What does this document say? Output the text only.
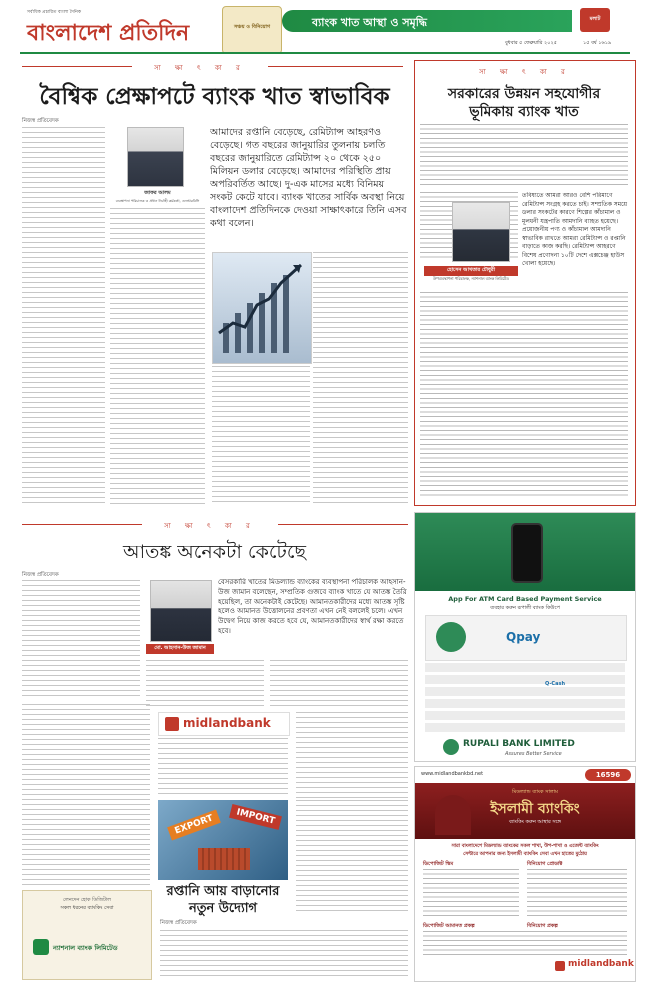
সর্বাধিক প্রচারিত বাংলা দৈনিক
বাংলাদেশ প্রতিদিন	সঞ্চয় ও বিনিয়োগ	ব্যাংক খাত আস্থা ও সমৃদ্ধি	মলাট
বুধবার ৫ ফেব্রুয়ারি ২০২৫	১৫ বর্ষ ১৬১৯
সা ক্ষা ৎ কা র
বৈশ্বিক প্রেক্ষাপটে ব্যাংক খাত স্বাভাবিক
নিজস্ব প্রতিবেদক
জাফর আলম
ব্যবস্থাপনা পরিচালক ও প্রধান নির্বাহী কর্মকর্তা, এনআরবিসি
আমাদের রপ্তানি বেড়েছে, রেমিট্যান্স আহরণও বেড়েছে। গত বছরের জানুয়ারির তুলনায় চলতি বছরের জানুয়ারিতে রেমিট্যান্স ২০ থেকে ২৫০ মিলিয়ন ডলার বেড়েছে। আমাদের পরিস্থিতি প্রায় অপরিবর্তিত আছে। দু-এক মাসের মধ্যে বিনিময় সংকট কেটে যাবে। ব্যাংক খাতের সার্বিক অবস্থা নিয়ে বাংলাদেশ প্রতিদিনকে দেওয়া সাক্ষাৎকারে তিনি এসব কথা বলেন।
সা ক্ষা ৎ কা র
সরকারের উন্নয়ন সহযোগীর
ভূমিকায় ব্যাংক খাত
হোসেন আখতার চৌধুরী
উপব্যবস্থাপনা পরিচালক, ন্যাশনাল ব্যাংক লিমিটেড
তবিষ্যতে আমরা আরও বেশি পরিমাণে রেমিট্যান্স সংগ্রহ করতে চাই। সম্প্রতিক সময়ে ডলার সংকটের কারণে শিল্পের কাঁচামাল ও মূলধনী যন্ত্রপাতি আমদানি ব্যাহত হয়েছে। প্রয়োজনীয় পণ্য ও কাঁচামাল আমদানি স্বাভাবিক রাখতে আমরা রেমিট্যান্স ও রপ্তানি বাড়াতে কাজ করছি। রেমিট্যান্স আহরণে বিশেষ প্রণোদনা ১০টি দেশে এক্সচেঞ্জ হাউস খোলা হয়েছে।
সা ক্ষা ৎ কা র
আতঙ্ক অনেকটা কেটেছে
নিজস্ব প্রতিবেদক
মো. আহসান-উজ জামান
বেসরকারি খাতের মিডল্যান্ড ব্যাংকের ব্যবস্থাপনা পরিচালক আহসান-উজ জামান বলেছেন, সম্প্রতিক গুজবে ব্যাংক খাতে যে আতঙ্ক তৈরি হয়েছিল, তা অনেকটাই কেটেছে। আমানতকারীদের মধ্যে আতঙ্ক সৃষ্টি হলেও আমানত উত্তোলনের প্রবণতা এখন নেই বললেই চলে। এখন উদ্বেগ নিয়ে কাজ করতে হবে যে, আমানতকারীদের স্বার্থ রক্ষা করতে হবে।
midlandbank
লেনদেন হোক ডিজিটাল
সকল ধরনের ব্যাংকিং সেবা
ন্যাশনাল ব্যাংক লিমিটেড
EXPORT	IMPORT
রপ্তানি আয় বাড়ানোর
নতুন উদ্যোগ
নিজস্ব প্রতিবেদক
App For ATM Card Based Payment Service
ব্যবহার করুন রূপালী ব্যাংক কিউপে
Qpay
Q-Cash
RUPALI BANK LIMITED
Assures Better Service
www.midlandbankbd.net	16596
মিডল্যান্ড ব্যাংক সালাম
ইসলামী ব্যাংকিং
ব্যাংকিং করুন আস্থার সঙ্গে
সারা বাংলাদেশে মিডল্যান্ড ব্যাংকের সকল শাখা, উপ-শাখা ও এজেন্ট ব্যাংকিং
সেন্টারে আপনার জন্য ইসলামী ব্যাংকিং সেবা এখন হাতের মুঠোয়
ডিপোজিট স্কিম	বিনিয়োগ প্রোডাক্ট
বিনিয়োগ প্রকল্প
ডিপোজিট আমানত প্রকল্প
midlandbank
